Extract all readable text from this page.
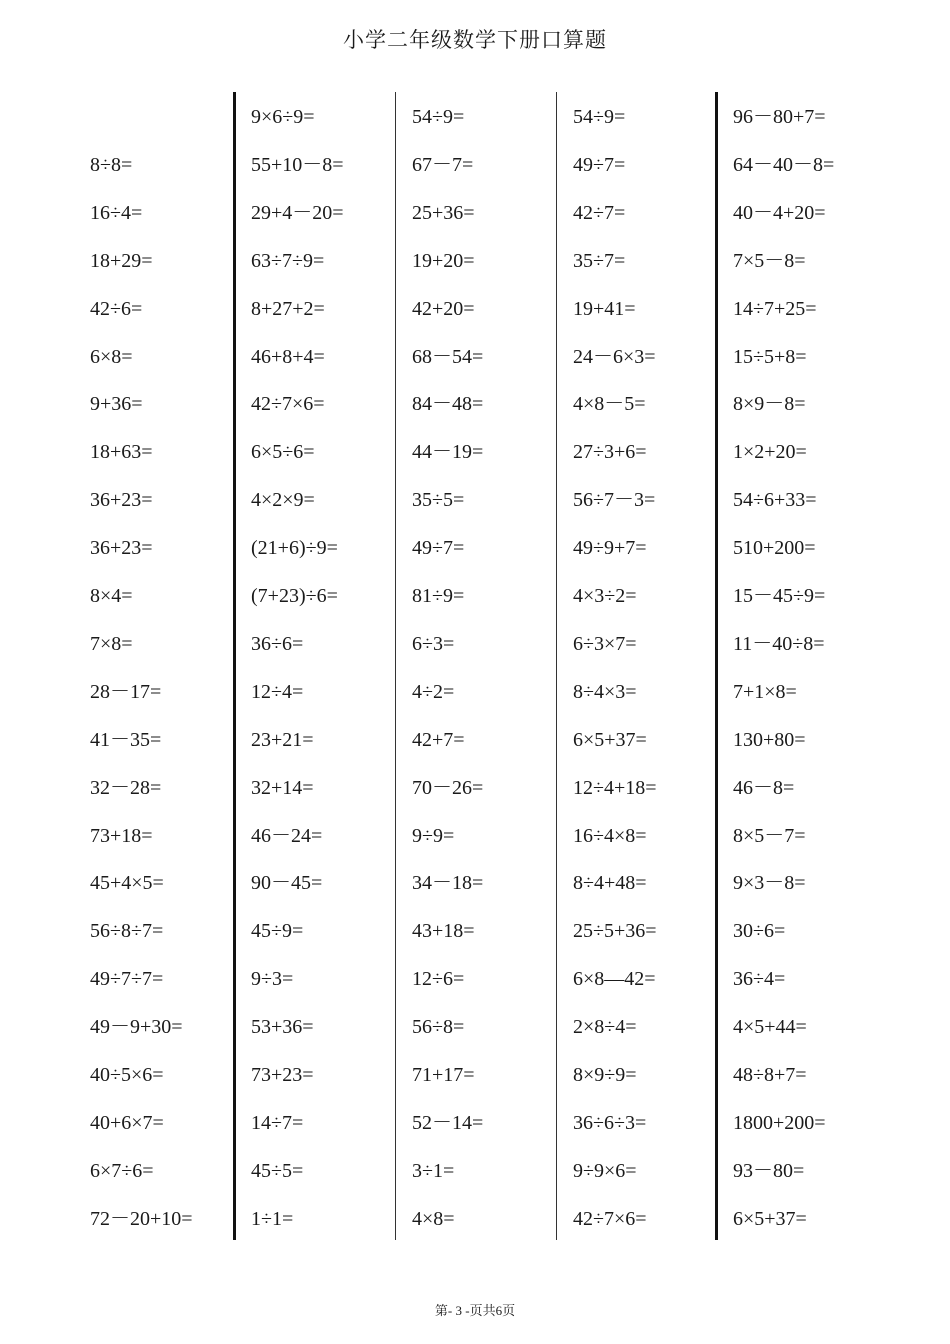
小学二年级数学下册口算题
8÷8=
16÷4=
18+29=
42÷6=
6×8=
9+36=
18+63=
36+23=
36+23=
8×4=
7×8=
28－17=
41－35=
32－28=
73+18=
45+4×5=
56÷8÷7=
49÷7÷7=
49－9+30=
40÷5×6=
40+6×7=
6×7÷6=
72－20+10=
9×6÷9=
55+10－8=
29+4－20=
63÷7÷9=
8+27+2=
46+8+4=
42÷7×6=
6×5÷6=
4×2×9=
(21+6)÷9=
(7+23)÷6=
36÷6=
12÷4=
23+21=
32+14=
46－24=
90－45=
45÷9=
9÷3=
53+36=
73+23=
14÷7=
45÷5=
1÷1=
54÷9=
67－7=
25+36=
19+20=
42+20=
68－54=
84－48=
44－19=
35÷5=
49÷7=
81÷9=
6÷3=
4÷2=
42+7=
70－26=
9÷9=
34－18=
43+18=
12÷6=
56÷8=
71+17=
52－14=
3÷1=
4×8=
54÷9=
49÷7=
42÷7=
35÷7=
19+41=
24－6×3=
4×8－5=
27÷3+6=
56÷7－3=
49÷9+7=
4×3÷2=
6÷3×7=
8÷4×3=
6×5+37=
12÷4+18=
16÷4×8=
8÷4+48=
25÷5+36=
6×8—42=
2×8÷4=
8×9÷9=
36÷6÷3=
9÷9×6=
42÷7×6=
96－80+7=
64－40－8=
40－4+20=
7×5－8=
14÷7+25=
15÷5+8=
8×9－8=
1×2+20=
54÷6+33=
510+200=
15－45÷9=
11－40÷8=
7+1×8=
130+80=
46－8=
8×5－7=
9×3－8=
30÷6=
36÷4=
4×5+44=
48÷8+7=
1800+200=
93－80=
6×5+37=
第- 3 -页共6页
